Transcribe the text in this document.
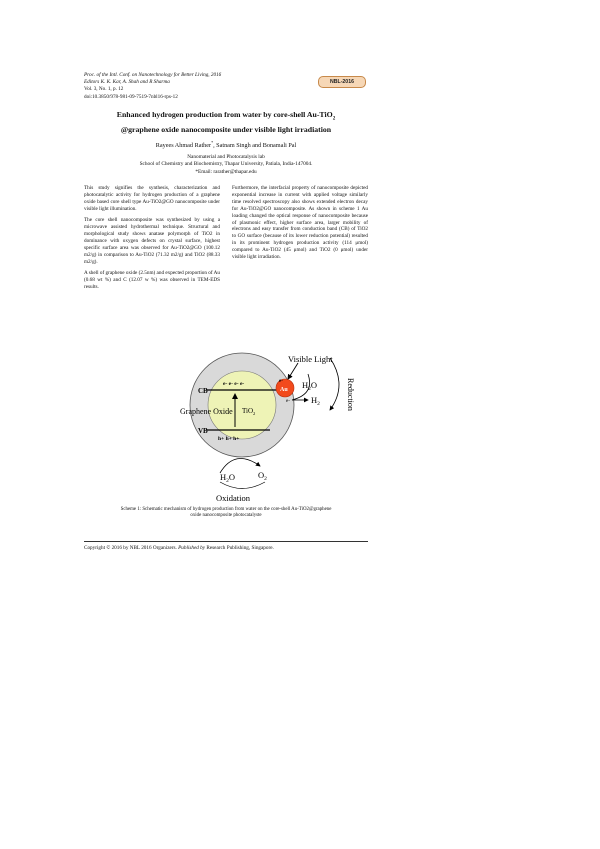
Proc. of the Intl. Conf. on Nanotechnology for Better Living, 2016
Editors K. K. Kar, A. Shah and R Sharma
Vol. 3, No. 1, p. 12
doi:10.3850/978-981-09-7519-7nbl16-rps-12
NBL-2016
Enhanced hydrogen production from water by core-shell Au-TiO$_2$
@graphene oxide nanocomposite under visible light irradiation
Rayees Ahmad Rather*, Satnam Singh and Bonamali Pal
Nanomaterial and Photocatalysis lab
School of Chemistry and Biochemistry, Thapar University, Patiala, India-147004.
*Email: rarather@thapar.edu

This study signifies the synthesis, characterization and photocatalytic activity for hydrogen production of a graphene oxide based core shell type Au-TiO2@GO nanocomposite under visible light illumination.

The core shell nanocomposite was synthesized by using a microwave assisted hydrothermal technique. Structural and morphological study shows anatase polymorph of TiO2 in dominance with oxygen defects on crystal surface, highest specific surface area was observed for Au-TiO2@GO (100.12 m2/g) in comparison to Au-TiO2 (71.32 m2/g) and TiO2 (88.33 m2/g).

A shell of graphene oxide (2.5nm) and expected proportion of Au (0.68 wt %) and C (12.07 w %) was observed in TEM-EDS results.

Furthermore, the interfacial property of nanocomposite depicted exponential increase in current with applied voltage similarly time resolved spectroscopy also shows extended electron decay for Au-TiO2@GO nanocomposite. As shown in scheme 1 Au loading changed the optical response of nanocomposite because of plasmonic effect, higher surface area, larger mobility of electrons and easy transfer from conduction band (CB) of TiO2 to GO surface (because of its lower reduction potential) resulted in its prominent hydrogen production activity (114 μmol) compared to Au-TiO2 (45 μmol) and TiO2 (0 μmol) under visible light irradiation.

Visible Light
Reduction
Oxidation
Graphene Oxide
CB
VB
e- e- e- e-
TiO$_2$
h+ h+ h+
Au
e-
e-
$H_2O$
$H_2$
$H_2O$	$O_2$
Scheme 1: Schematic mechanism of hydrogen production from water on the core-shell Au-TiO2@graphene
oxide nanocomposite photocatalyste
Copyright © 2016 by NBL 2016 Organizers. Published by Research Publishing, Singapore.
